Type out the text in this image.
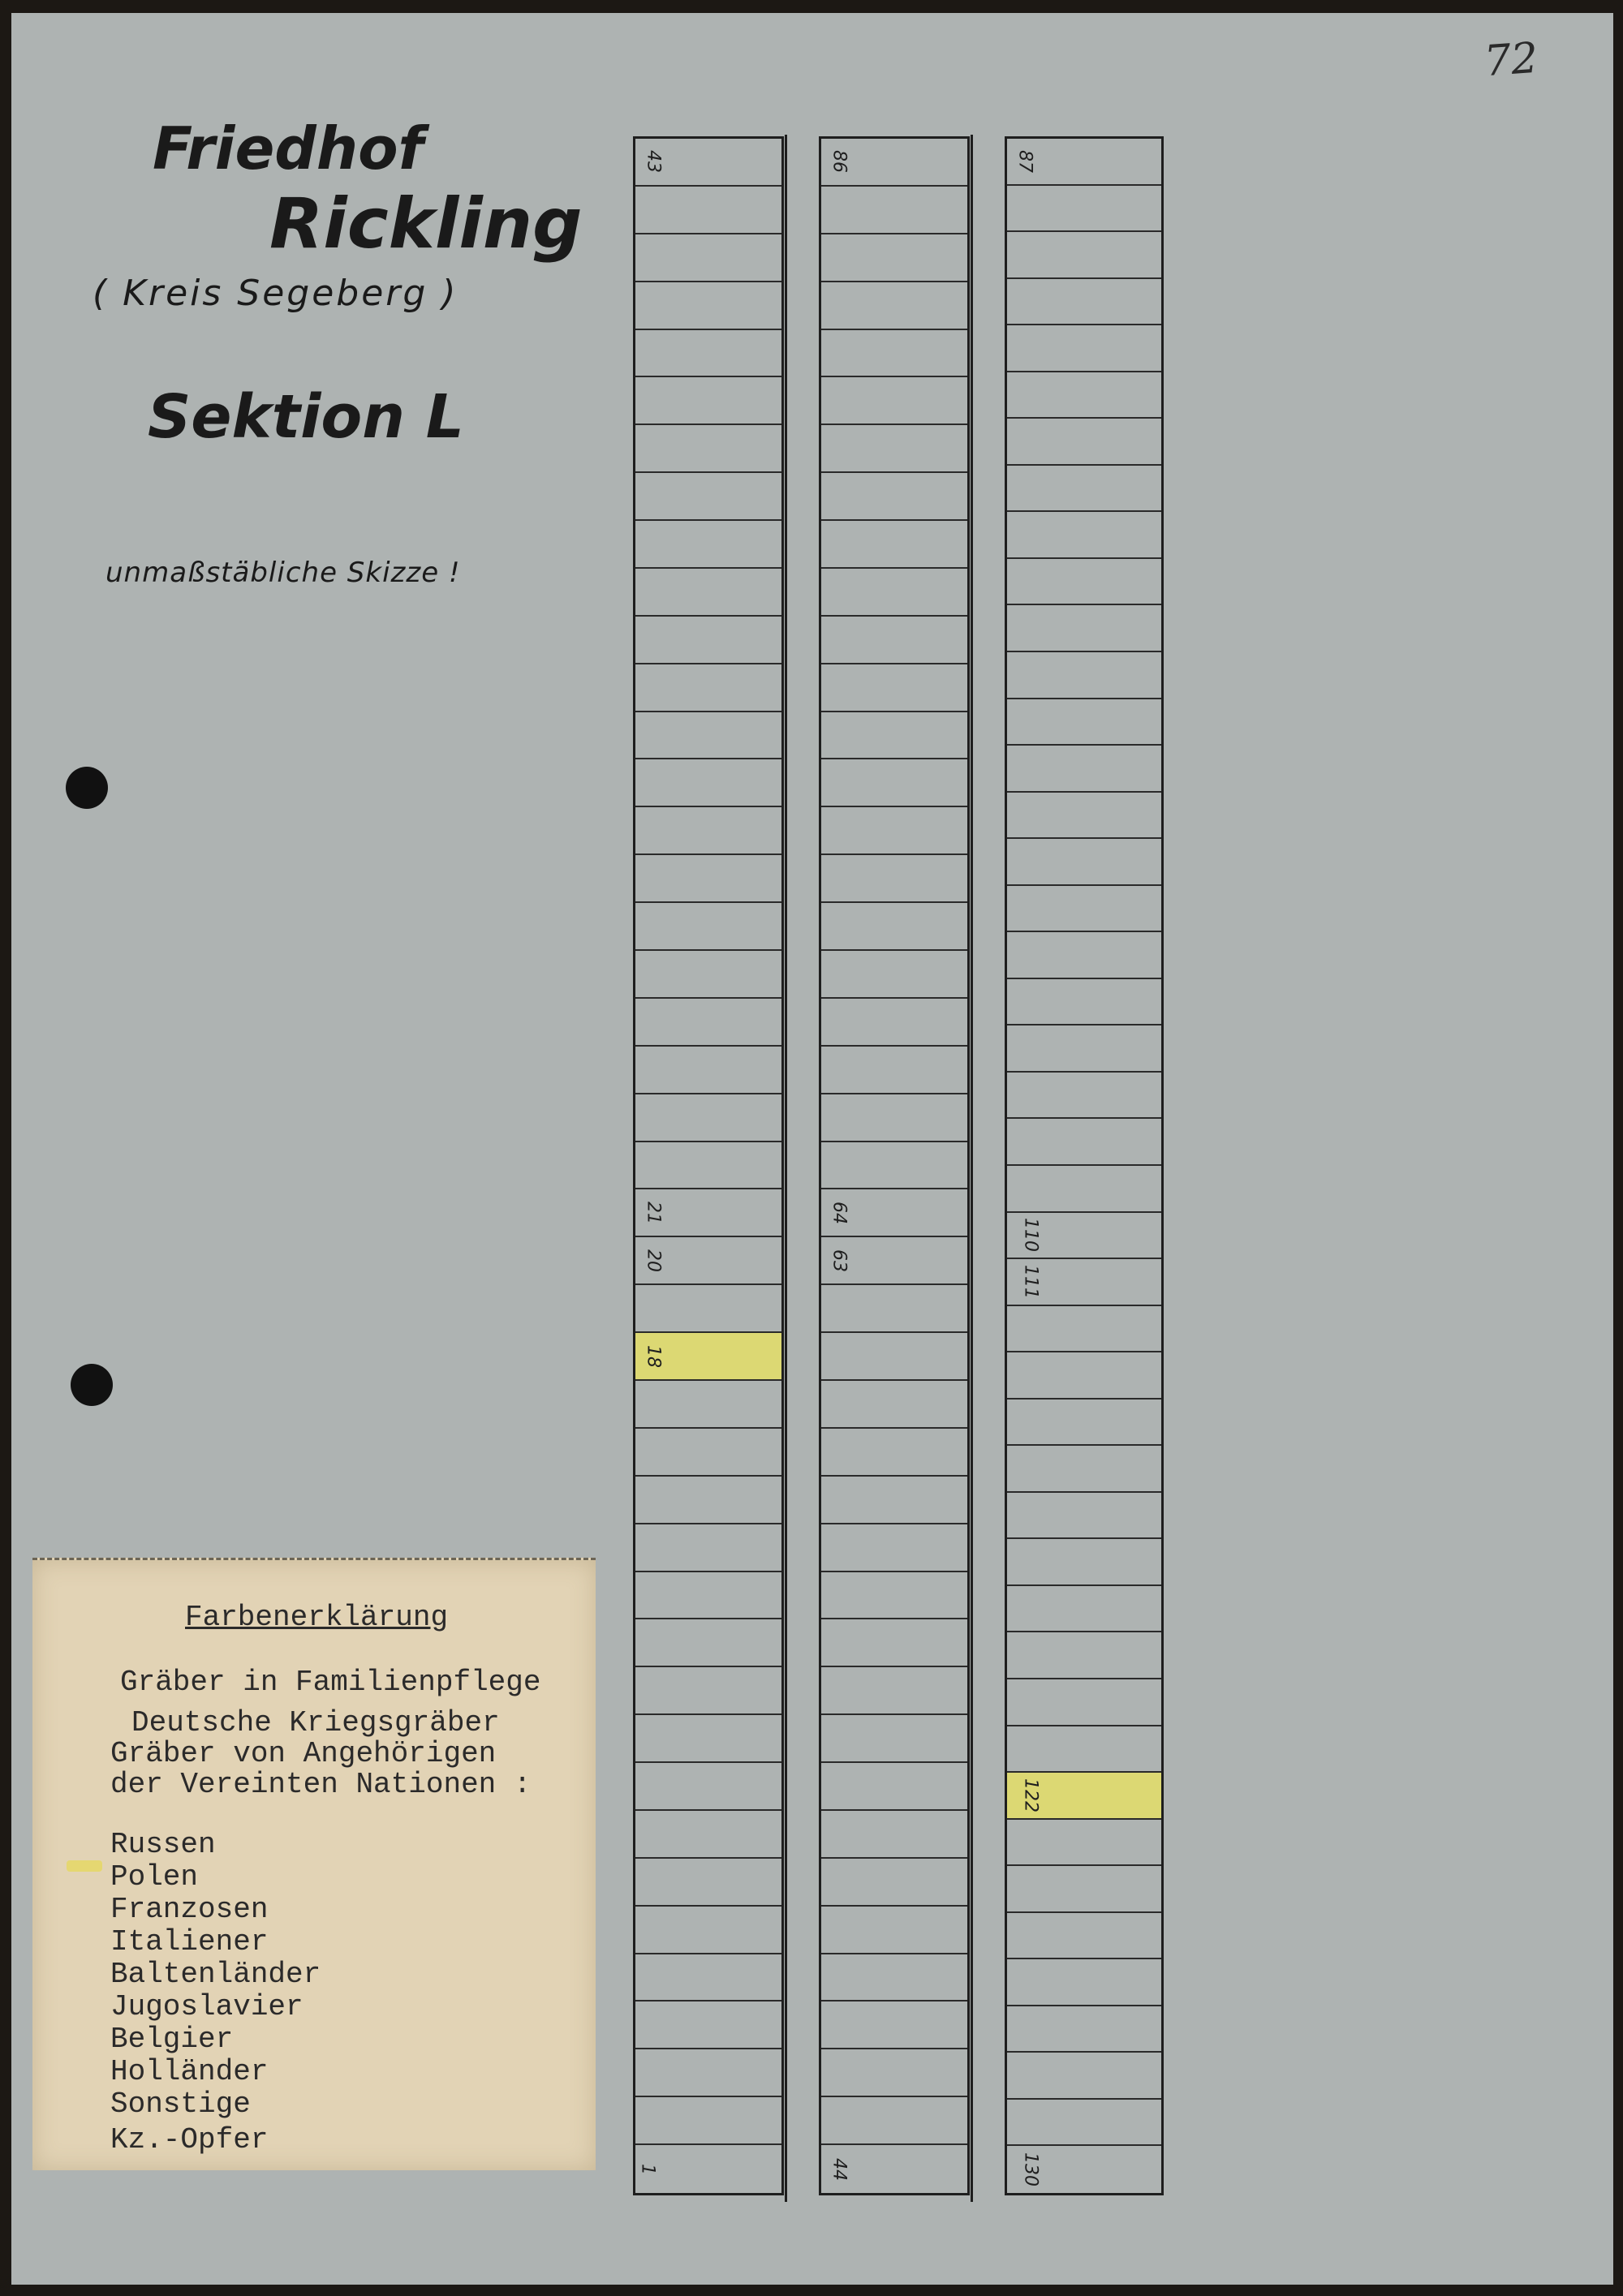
72
Friedhof
Rickling
( Kreis Segeberg )
Sektion L
unmaßstäbliche Skizze !
Farbenerklärung
Gräber in Familienpflege
Deutsche Kriegsgräber
Gräber von Angehörigen
der Vereinten Nationen :
Russen
Polen
Franzosen
Italiener
Baltenländer
Jugoslavier
Belgier
Holländer
Sonstige
Kz.-Opfer
43
21
20
18
1
86
64
63
44
87
110
111
122
130
